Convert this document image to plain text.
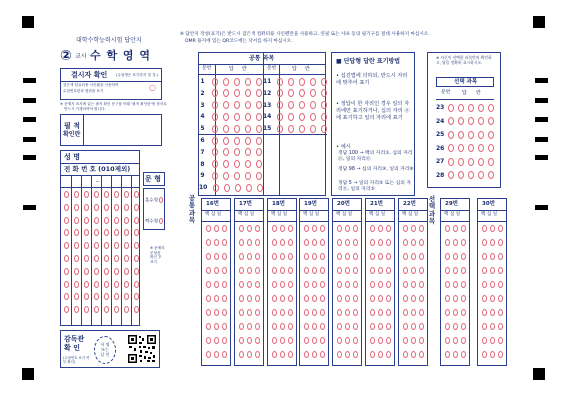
대학수학능력시험 답안지
② 교시 수 학 영 역
※ 답안지 작성(표기)은 반드시 검은색 컴퓨터용 사인펜만을 사용하고, 연필 또는 샤프 등의 필기구를 절대 사용하지 마십시오.
OMR 용지에 있는 QR코드에는 낙서를 하지 마십시오.
결시자 확인 (수험생은 표기하지 말 것.)
검은색 컴퓨터용 사인펜을 사용하여
수험번호란과 옆란을 표기	○
※ 문제지 표지에 있는 필적 확인 문구를 아래 '필적 확인란'에 정자로
반드시 기재하여야 합니다.
필 적
확인란
성 명
전 화 번 호 (010제외)
–	문 형
홀수형
짝수형
※ 문제의
문형을
확인 후
표기
감독관
확 인
(수험번호 표기 여부 확인)
서 명
또는
날 인
공통 과목
문번	답 란	문번	답 란
1
2
3
4
5
6
7
8
9
10
11
12
13
14
15
■ 단답형 답란 표기방법
• 십진법에 의하되, 반드시 자리에 맞추어 표기
• 정답이 한 자리인 경우 일의 자리에만 표기하거나, 십의 자리 ⓪ 에 표기하고 일의 자리에 표기
• 예시
정답 100 → 백의 자리①, 십의 자리⓪, 일의 자리⓪
정답 98 → 십의 자리⑨, 일의 자리⑧
정답 5 → 일의 자리⑤ 또는 십의 자리⓪, 일의 자리⑤
※ 자신이 선택한 과목만의 확인하고, 답을 정확히 표시하시오.
선택 과목
문번 답 란
23
24
25
26
27
28
공
통
과
목
선
택
과
목
16번
백 십 일
17번
백 십 일
18번
백 십 일
19번
백 십 일
20번
백 십 일
21번
백 십 일
22번
백 십 일
29번
백 십 일
30번
백 십 일
